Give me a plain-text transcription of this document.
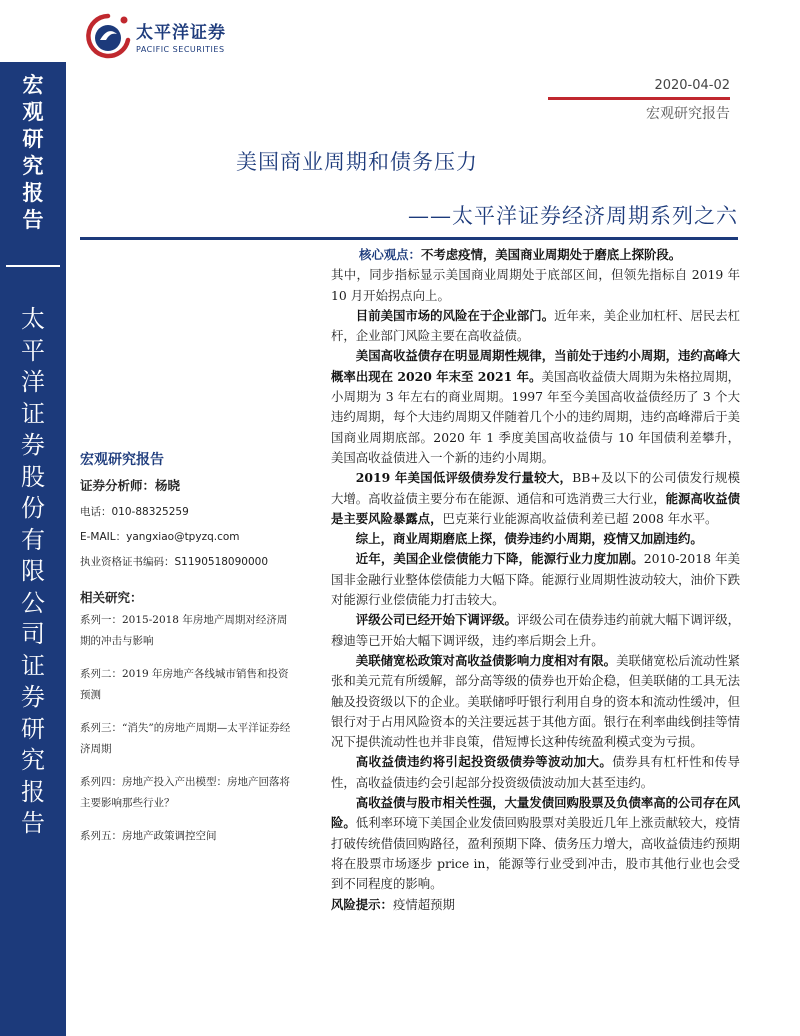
宏
观
研
究
报
告
太
平
洋
证
券
股
份
有
限
公
司
证
券
研
究
报
告
太平洋证券
PACIFIC SECURITIES
2020-04-02
宏观研究报告
美国商业周期和债务压力
——太平洋证券经济周期系列之六
宏观研究报告
证券分析师：杨晓
电话：010-88325259
E-MAIL：yangxiao@tpyzq.com
执业资格证书编码：S1190518090000
相关研究：
系列一：2015-2018 年房地产周期对经济周期的冲击与影响
系列二：2019 年房地产各线城市销售和投资预测
系列三：“消失”的房地产周期—太平洋证券经济周期
系列四：房地产投入产出模型：房地产回落将主要影响那些行业？
系列五：房地产政策调控空间

核心观点：不考虑疫情，美国商业周期处于磨底上探阶段。

其中，同步指标显示美国商业周期处于底部区间，但领先指标自 2019 年 10 月开始拐点向上。

目前美国市场的风险在于企业部门。近年来，美企业加杠杆、居民去杠杆，企业部门风险主要在高收益债。

美国高收益债存在明显周期性规律，当前处于违约小周期，违约高峰大概率出现在 2020 年末至 2021 年。美国高收益债大周期为朱格拉周期，小周期为 3 年左右的商业周期。1997 年至今美国高收益债经历了 3 个大违约周期，每个大违约周期又伴随着几个小的违约周期，违约高峰滞后于美国商业周期底部。2020 年 1 季度美国高收益债与 10 年国债利差攀升，美国高收益债进入一个新的违约小周期。

2019 年美国低评级债券发行量较大，BB+及以下的公司债发行规模大增。高收益债主要分布在能源、通信和可选消费三大行业，能源高收益债是主要风险暴露点，巴克莱行业能源高收益债利差已超 2008 年水平。

综上，商业周期磨底上探，债券违约小周期，疫情又加剧违约。

近年，美国企业偿债能力下降，能源行业力度加剧。2010-2018 年美国非金融行业整体偿债能力大幅下降。能源行业周期性波动较大，油价下跌对能源行业偿债能力打击较大。

评级公司已经开始下调评级。评级公司在债券违约前就大幅下调评级，穆迪等已开始大幅下调评级，违约率后期会上升。

美联储宽松政策对高收益债影响力度相对有限。美联储宽松后流动性紧张和美元荒有所缓解，部分高等级的债券也开始企稳，但美联储的工具无法触及投资级以下的企业。美联储呼吁银行利用自身的资本和流动性缓冲，但银行对于占用风险资本的关注要远甚于其他方面。银行在利率曲线倒挂等情况下提供流动性也并非良策，借短博长这种传统盈利模式变为亏损。

高收益债违约将引起投资级债券等波动加大。债券具有杠杆性和传导性，高收益债违约会引起部分投资级债波动加大甚至违约。

高收益债与股市相关性强，大量发债回购股票及负债率高的公司存在风险。低利率环境下美国企业发债回购股票对美股近几年上涨贡献较大，疫情打破传统借债回购路径，盈利预期下降、债务压力增大，高收益债违约预期将在股票市场逐步 price in，能源等行业受到冲击，股市其他行业也会受到不同程度的影响。

风险提示：疫情超预期
